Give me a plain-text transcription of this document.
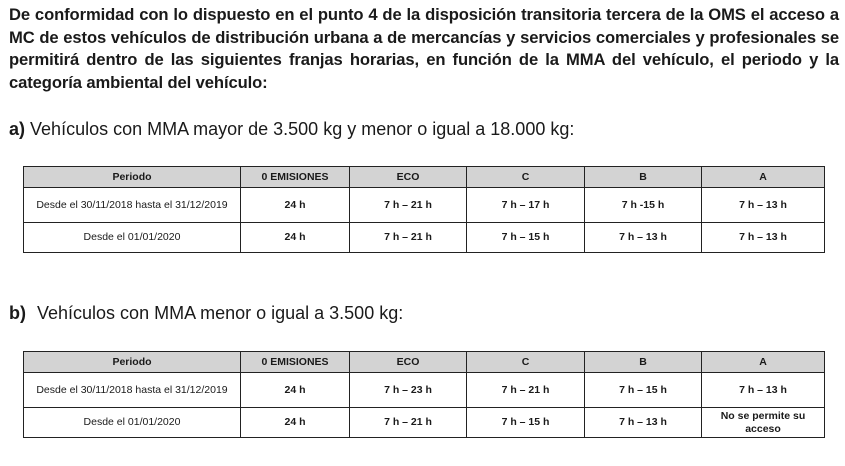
De conformidad con lo dispuesto en el punto 4 de la disposición transitoria tercera de la OMS el acceso a MC de estos vehículos de distribución urbana a de mercancías y servicios comerciales y profesionales se permitirá dentro de las siguientes franjas horarias, en función de la MMA del vehículo, el periodo y la categoría ambiental del vehículo:

a) Vehículos con MMA mayor de 3.500 kg y menor o igual a 18.000 kg:

Periodo	0 EMISIONES	ECO	C	B	A
Desde el 30/11/2018 hasta el 31/12/2019	24 h	7 h – 21 h	7 h – 17 h	7 h -15 h	7 h – 13 h
Desde el 01/01/2020	24 h	7 h – 21 h	7 h – 15 h	7 h – 13 h	7 h – 13 h

b) Vehículos con MMA menor o igual a 3.500 kg:

Periodo	0 EMISIONES	ECO	C	B	A
Desde el 30/11/2018 hasta el 31/12/2019	24 h	7 h – 23 h	7 h – 21 h	7 h – 15 h	7 h – 13 h
Desde el 01/01/2020	24 h	7 h – 21 h	7 h – 15 h	7 h – 13 h	No se permite su acceso
